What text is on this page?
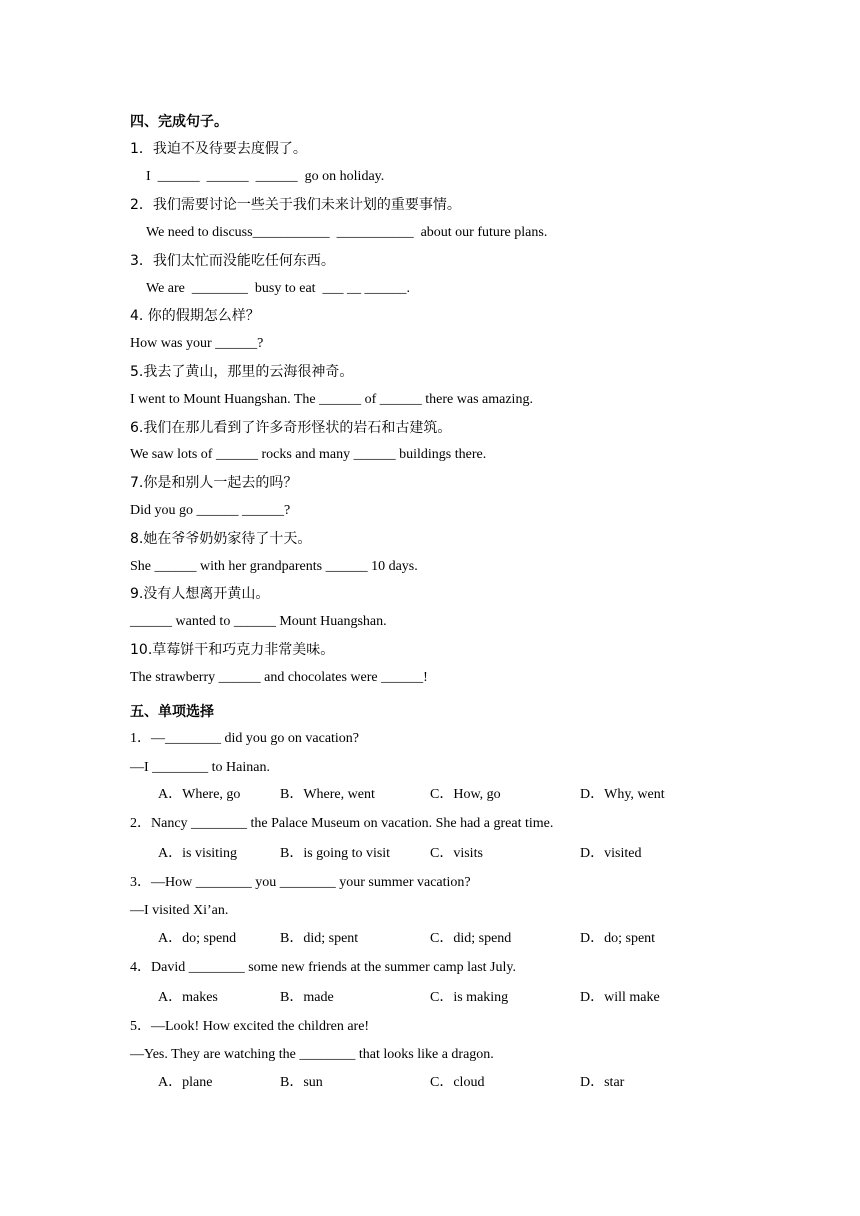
四、完成句子。
1．我迫不及待要去度假了。
I  ______  ______  ______  go on holiday.
2．我们需要讨论一些关于我们未来计划的重要事情。
We need to discuss___________  ___________  about our future plans.
3．我们太忙而没能吃任何东西。
We are  ________  busy to eat  ___ __ ______.
4. 你的假期怎么样？
How was your ______?
5.我去了黄山，那里的云海很神奇。
I went to Mount Huangshan. The ______ of ______ there was amazing.
6.我们在那儿看到了许多奇形怪状的岩石和古建筑。
We saw lots of ______ rocks and many ______ buildings there.
7.你是和别人一起去的吗？
Did you go ______ ______?
8.她在爷爷奶奶家待了十天。
She ______ with her grandparents ______ 10 days.
9.没有人想离开黄山。
______ wanted to ______ Mount Huangshan.
10.草莓饼干和巧克力非常美味。
The strawberry ______ and chocolates were ______!
五、单项选择
1．—________ did you go on vacation?
—I ________ to Hainan.
A．Where, go	B．Where, went	C．How, go	D．Why, went
2．Nancy ________ the Palace Museum on vacation. She had a great time.
A．is visiting	B．is going to visit	C．visits	D．visited
3．—How ________ you ________ your summer vacation?
—I visited Xi’an.
A．do; spend	B．did; spent	C．did; spend	D．do; spent
4．David ________ some new friends at the summer camp last July.
A．makes	B．made	C．is making	D．will make
5．—Look! How excited the children are!
—Yes. They are watching the ________ that looks like a dragon.
A．plane	B．sun	C．cloud	D．star
